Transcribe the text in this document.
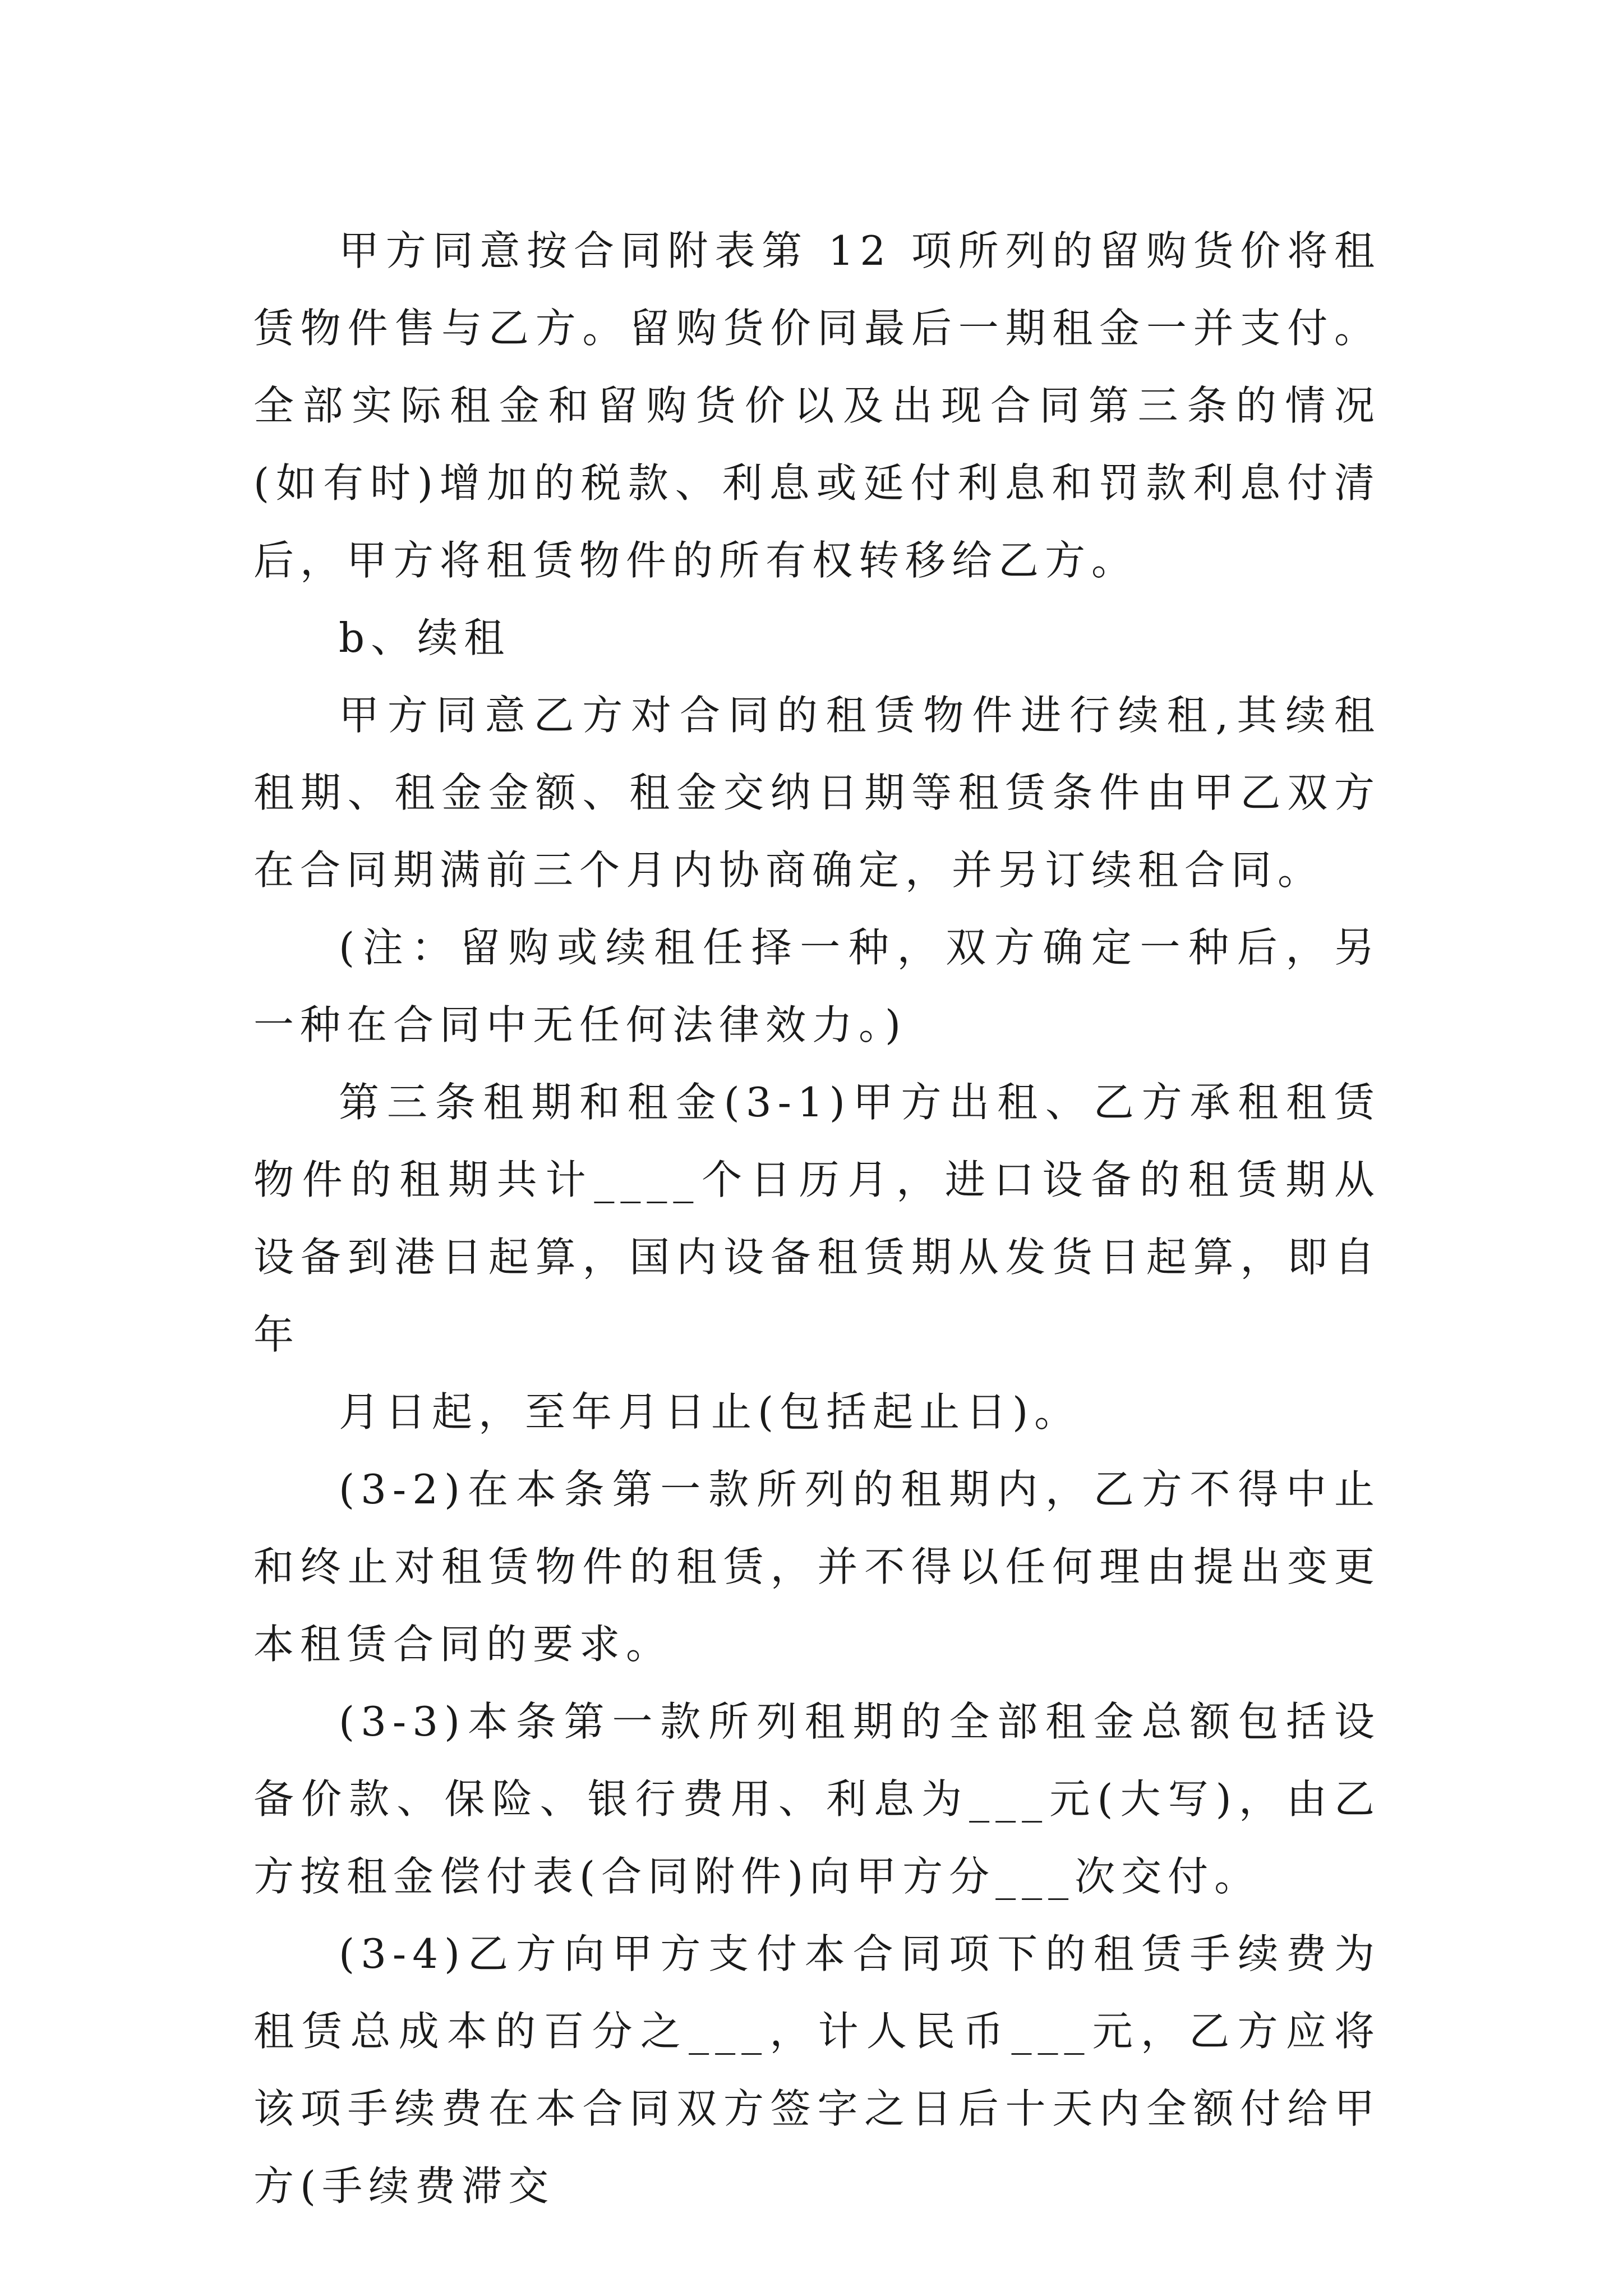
甲方同意按合同附表第 12 项所列的留购货价将租赁物件售与乙方。留购货价同最后一期租金一并支付。全部实际租金和留购货价以及出现合同第三条的情况(如有时)增加的税款、利息或延付利息和罚款利息付清后，甲方将租赁物件的所有权转移给乙方。

b、续租

甲方同意乙方对合同的租赁物件进行续租,其续租租期、租金金额、租金交纳日期等租赁条件由甲乙双方在合同期满前三个月内协商确定，并另订续租合同。

(注：留购或续租任择一种，双方确定一种后，另一种在合同中无任何法律效力。)

第三条租期和租金(3-1)甲方出租、乙方承租租赁物件的租期共计____个日历月，进口设备的租赁期从设备到港日起算，国内设备租赁期从发货日起算，即自年

月日起，至年月日止(包括起止日)。

(3-2)在本条第一款所列的租期内，乙方不得中止和终止对租赁物件的租赁，并不得以任何理由提出变更本租赁合同的要求。

(3-3)本条第一款所列租期的全部租金总额包括设备价款、保险、银行费用、利息为___元(大写)，由乙方按租金偿付表(合同附件)向甲方分___次交付。

(3-4)乙方向甲方支付本合同项下的租赁手续费为租赁总成本的百分之___，计人民币___元，乙方应将该项手续费在本合同双方签字之日后十天内全额付给甲方(手续费滞交
